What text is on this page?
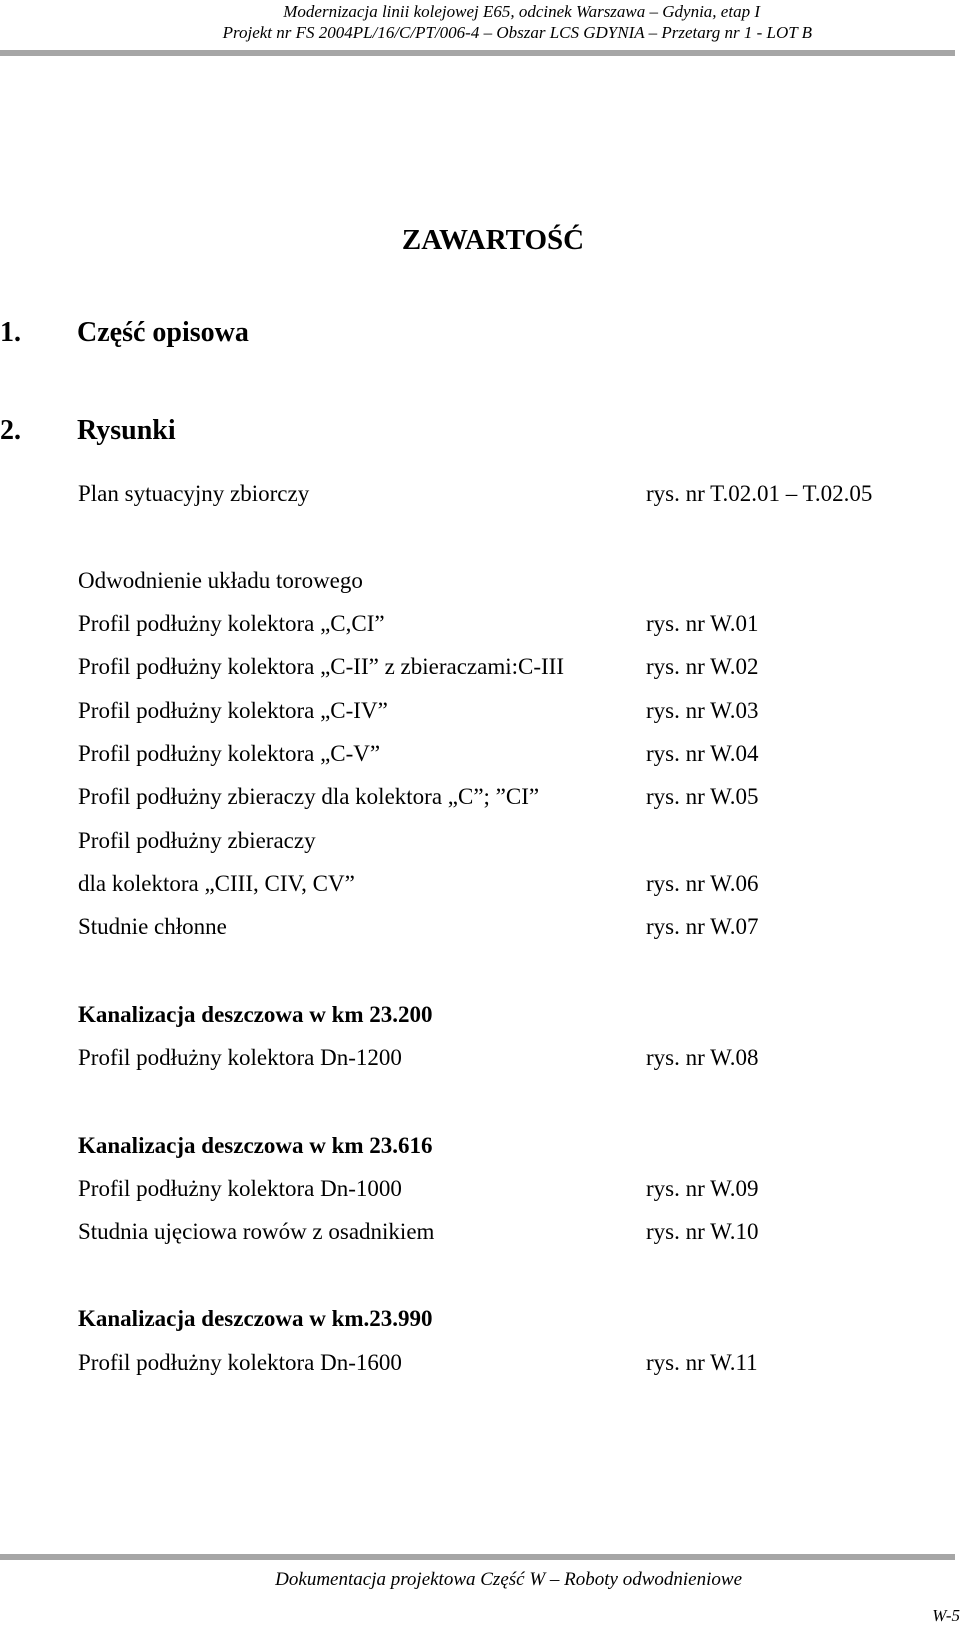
Modernizacja linii kolejowej E65, odcinek Warszawa – Gdynia, etap I
Projekt nr FS 2004PL/16/C/PT/006-4 – Obszar LCS GDYNIA – Przetarg nr 1 - LOT B
ZAWARTOŚĆ
1. Część opisowa
2. Rysunki
Plan sytuacyjny zbiorczy	rys. nr T.02.01 – T.02.05
Odwodnienie układu torowego
Profil podłużny kolektora „C,CI”	rys. nr W.01
Profil podłużny kolektora „C-II” z zbieraczami:C-III	rys. nr W.02
Profil podłużny kolektora „C-IV”	rys. nr W.03
Profil podłużny kolektora „C-V”	rys. nr W.04
Profil podłużny zbieraczy dla kolektora „C”; ”CI”	rys. nr W.05
Profil podłużny zbieraczy
dla kolektora „CIII, CIV, CV”	rys. nr W.06
Studnie chłonne	rys. nr W.07
Kanalizacja deszczowa w km 23.200
Profil podłużny kolektora Dn-1200	rys. nr W.08
Kanalizacja deszczowa w km 23.616
Profil podłużny kolektora Dn-1000	rys. nr W.09
Studnia ujęciowa rowów z osadnikiem	rys. nr W.10
Kanalizacja deszczowa w km.23.990
Profil podłużny kolektora Dn-1600	rys. nr W.11
Dokumentacja projektowa Część W – Roboty odwodnieniowe
W-5
